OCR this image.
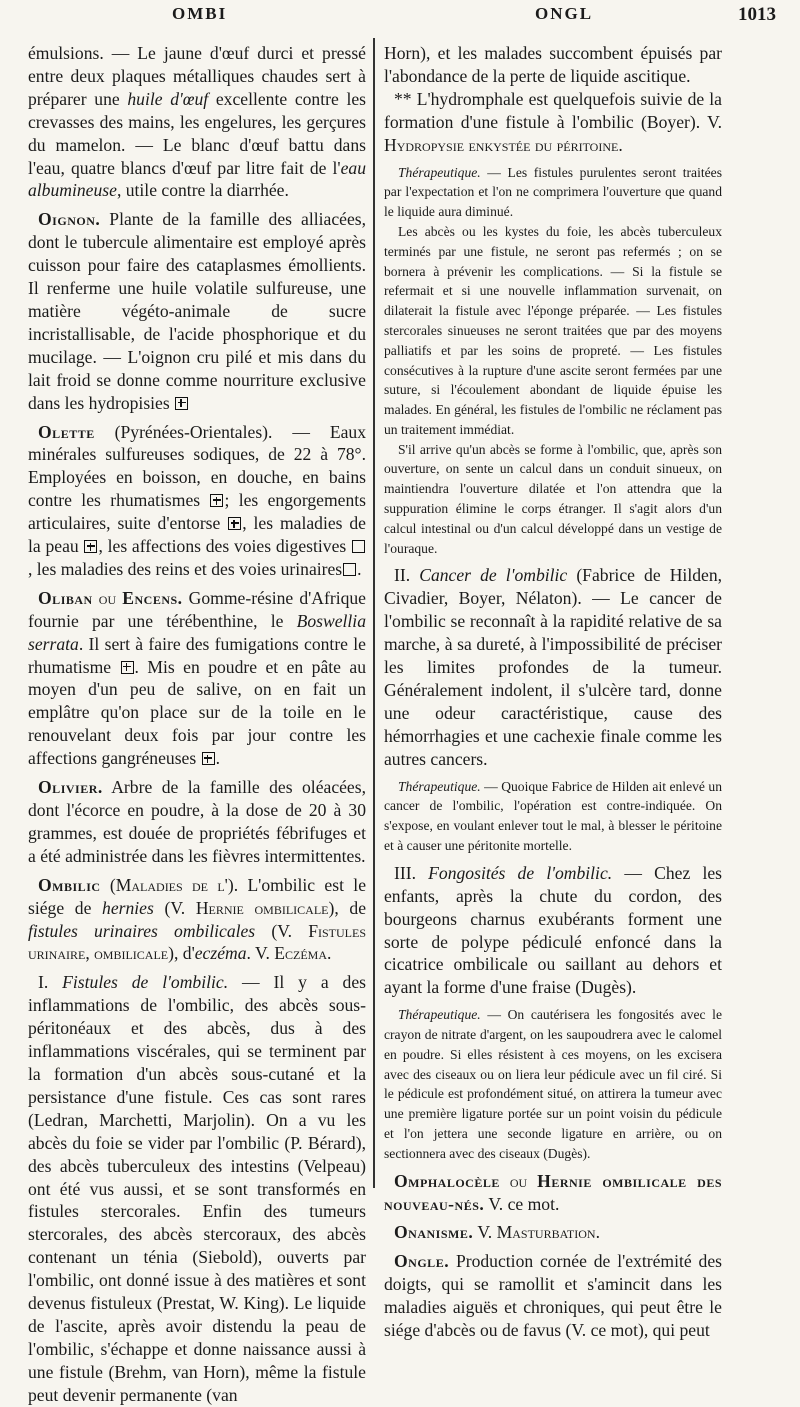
OMBI	ONGL	1013

émulsions. — Le jaune d'œuf durci et pressé entre deux plaques métalliques chaudes sert à préparer une huile d'œuf excellente contre les crevasses des mains, les engelures, les gerçures du mamelon. — Le blanc d'œuf battu dans l'eau, quatre blancs d'œuf par litre fait de l'eau albumineuse, utile contre la diarrhée.

Oignon. Plante de la famille des alliacées, dont le tubercule alimentaire est employé après cuisson pour faire des cataplasmes émollients. Il renferme une huile volatile sulfureuse, une matière végéto-animale de sucre incristallisable, de l'acide phosphorique et du mucilage. — L'oignon cru pilé et mis dans du lait froid se donne comme nourriture exclusive dans les hydropisies

Olette (Pyrénées-Orientales). — Eaux minérales sulfureuses sodiques, de 22 à 78°. Employées en boisson, en douche, en bains contre les rhumatismes ☒; les engorgements articulaires, suite d'entorse ☒, les maladies de la peau ☒, les affections des voies digestives , les maladies des reins et des voies urinaires .

Oliban ou Encens. Gomme-résine d'Afrique fournie par une térébenthine, le Boswellia serrata. Il sert à faire des fumigations contre le rhumatisme ☒. Mis en poudre et en pâte au moyen d'un peu de salive, on en fait un emplâtre qu'on place sur de la toile en le renouvelant deux fois par jour contre les affections gangréneuses ☒.

Olivier. Arbre de la famille des oléacées, dont l'écorce en poudre, à la dose de 20 à 30 grammes, est douée de propriétés fébrifuges et a été administrée dans les fièvres intermittentes.

Ombilic (Maladies de l'). L'ombilic est le siége de hernies (V. Hernie ombilicale), de fistules urinaires ombilicales (V. Fistules urinaire, ombilicale), d'eczéma. V. Eczéma.

I. Fistules de l'ombilic. — Il y a des inflammations de l'ombilic, des abcès sous-péritonéaux et des abcès, dus à des inflammations viscérales, qui se terminent par la formation d'un abcès sous-cutané et la persistance d'une fistule. Ces cas sont rares (Ledran, Marchetti, Marjolin). On a vu les abcès du foie se vider par l'ombilic (P. Bérard), des abcès tuberculeux des intestins (Velpeau) ont été vus aussi, et se sont transformés en fistules stercorales. Enfin des tumeurs stercorales, des abcès stercoraux, des abcès contenant un ténia (Siebold), ouverts par l'ombilic, ont donné issue à des matières et sont devenus fistuleux (Prestat, W. King). Le liquide de l'ascite, après avoir distendu la peau de l'ombilic, s'échappe et donne naissance aussi à une fistule (Brehm, van Horn), même la fistule peut devenir permanente (van

Horn), et les malades succombent épuisés par l'abondance de la perte de liquide ascitique.

** L'hydromphale est quelquefois suivie de la formation d'une fistule à l'ombilic (Boyer). V. Hydropysie enkystée du péritoine.

Thérapeutique. — Les fistules purulentes seront traitées par l'expectation et l'on ne comprimera l'ouverture que quand le liquide aura diminué.

Les abcès ou les kystes du foie, les abcès tuberculeux terminés par une fistule, ne seront pas refermés ; on se bornera à prévenir les complications. — Si la fistule se refermait et si une nouvelle inflammation survenait, on dilaterait la fistule avec l'éponge préparée. — Les fistules stercorales sinueuses ne seront traitées que par des moyens palliatifs et par les soins de propreté. — Les fistules consécutives à la rupture d'une ascite seront fermées par une suture, si l'écoulement abondant de liquide épuise les malades. En général, les fistules de l'ombilic ne réclament pas un traitement immédiat.

S'il arrive qu'un abcès se forme à l'ombilic, que, après son ouverture, on sente un calcul dans un conduit sinueux, on maintiendra l'ouverture dilatée et l'on attendra que la suppuration élimine le corps étranger. Il s'agit alors d'un calcul intestinal ou d'un calcul développé dans un vestige de l'ouraque.

II. Cancer de l'ombilic (Fabrice de Hilden, Civadier, Boyer, Nélaton). — Le cancer de l'ombilic se reconnaît à la rapidité relative de sa marche, à sa dureté, à l'impossibilité de préciser les limites profondes de la tumeur. Généralement indolent, il s'ulcère tard, donne une odeur caractéristique, cause des hémorrhagies et une cachexie finale comme les autres cancers.

Thérapeutique. — Quoique Fabrice de Hilden ait enlevé un cancer de l'ombilic, l'opération est contre-indiquée. On s'expose, en voulant enlever tout le mal, à blesser le péritoine et à causer une péritonite mortelle.

III. Fongosités de l'ombilic. — Chez les enfants, après la chute du cordon, des bourgeons charnus exubérants forment une sorte de polype pédiculé enfoncé dans la cicatrice ombilicale ou saillant au dehors et ayant la forme d'une fraise (Dugès).

Thérapeutique. — On cautérisera les fongosités avec le crayon de nitrate d'argent, on les saupoudrera avec le calomel en poudre. Si elles résistent à ces moyens, on les excisera avec des ciseaux ou on liera leur pédicule avec un fil ciré. Si le pédicule est profondément situé, on attirera la tumeur avec une première ligature portée sur un point voisin du pédicule et l'on jettera une seconde ligature en arrière, ou on sectionnera avec des ciseaux (Dugès).

Omphalocèle ou Hernie ombilicale des nouveau-nés. V. ce mot.

Onanisme. V. Masturbation.

Ongle. Production cornée de l'extrémité des doigts, qui se ramollit et s'amincit dans les maladies aiguës et chroniques, qui peut être le siége d'abcès ou de favus (V. ce mot), qui peut
